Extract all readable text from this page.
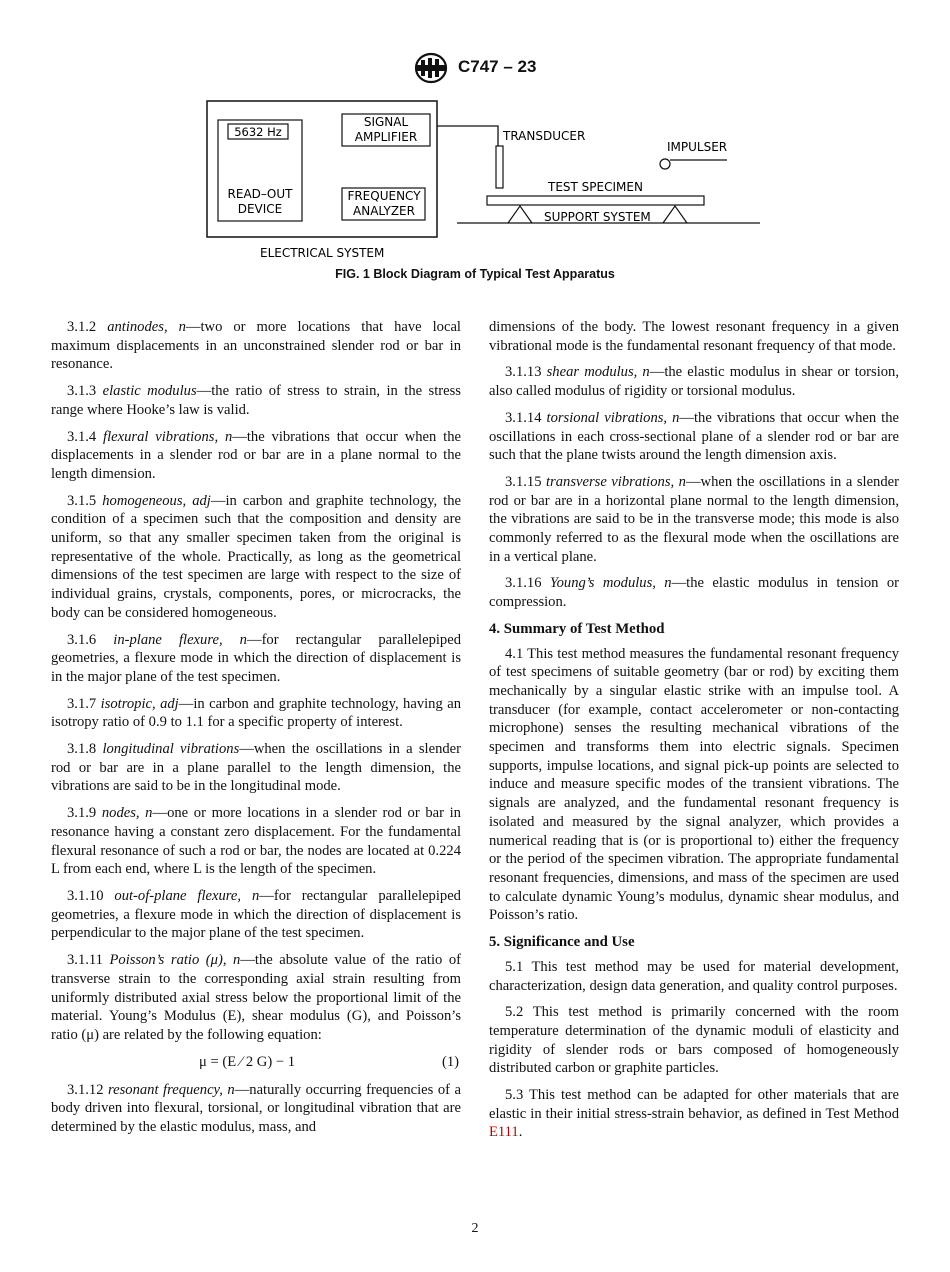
C747 – 23
5632 Hz
READ–OUT
DEVICE
SIGNAL
AMPLIFIER
FREQUENCY
ANALYZER
ELECTRICAL SYSTEM
TRANSDUCER
IMPULSER
TEST SPECIMEN
SUPPORT SYSTEM
FIG. 1 Block Diagram of Typical Test Apparatus

3.1.2 antinodes, n—two or more locations that have local maximum displacements in an unconstrained slender rod or bar in resonance.

3.1.3 elastic modulus—the ratio of stress to strain, in the stress range where Hooke’s law is valid.

3.1.4 flexural vibrations, n—the vibrations that occur when the displacements in a slender rod or bar are in a plane normal to the length dimension.

3.1.5 homogeneous, adj—in carbon and graphite technology, the condition of a specimen such that the composition and density are uniform, so that any smaller specimen taken from the original is representative of the whole. Practically, as long as the geometrical dimensions of the test specimen are large with respect to the size of individual grains, crystals, components, pores, or microcracks, the body can be considered homogeneous.

3.1.6 in-plane flexure, n—for rectangular parallelepiped geometries, a flexure mode in which the direction of displacement is in the major plane of the test specimen.

3.1.7 isotropic, adj—in carbon and graphite technology, having an isotropy ratio of 0.9 to 1.1 for a specific property of interest.

3.1.8 longitudinal vibrations—when the oscillations in a slender rod or bar are in a plane parallel to the length dimension, the vibrations are said to be in the longitudinal mode.

3.1.9 nodes, n—one or more locations in a slender rod or bar in resonance having a constant zero displacement. For the fundamental flexural resonance of such a rod or bar, the nodes are located at 0.224 L from each end, where L is the length of the specimen.

3.1.10 out-of-plane flexure, n—for rectangular parallelepiped geometries, a flexure mode in which the direction of displacement is perpendicular to the major plane of the test specimen.

3.1.11 Poisson’s ratio (μ), n—the absolute value of the ratio of transverse strain to the corresponding axial strain resulting from uniformly distributed axial stress below the proportional limit of the material. Young’s Modulus (E), shear modulus (G), and Poisson’s ratio (μ) are related by the following equation:

μ = (E ⁄ 2 G) − 1	(1)

3.1.12 resonant frequency, n—naturally occurring frequencies of a body driven into flexural, torsional, or longitudinal vibration that are determined by the elastic modulus, mass, and

dimensions of the body. The lowest resonant frequency in a given vibrational mode is the fundamental resonant frequency of that mode.

3.1.13 shear modulus, n—the elastic modulus in shear or torsion, also called modulus of rigidity or torsional modulus.

3.1.14 torsional vibrations, n—the vibrations that occur when the oscillations in each cross-sectional plane of a slender rod or bar are such that the plane twists around the length dimension axis.

3.1.15 transverse vibrations, n—when the oscillations in a slender rod or bar are in a horizontal plane normal to the length dimension, the vibrations are said to be in the transverse mode; this mode is also commonly referred to as the flexural mode when the oscillations are in a vertical plane.

3.1.16 Young’s modulus, n—the elastic modulus in tension or compression.

4. Summary of Test Method

4.1 This test method measures the fundamental resonant frequency of test specimens of suitable geometry (bar or rod) by exciting them mechanically by a singular elastic strike with an impulse tool. A transducer (for example, contact accelerometer or non-contacting microphone) senses the resulting mechanical vibrations of the specimen and transforms them into electric signals. Specimen supports, impulse locations, and signal pick-up points are selected to induce and measure specific modes of the transient vibrations. The signals are analyzed, and the fundamental resonant frequency is isolated and measured by the signal analyzer, which provides a numerical reading that is (or is proportional to) either the frequency or the period of the specimen vibration. The appropriate fundamental resonant frequencies, dimensions, and mass of the specimen are used to calculate dynamic Young’s modulus, dynamic shear modulus, and Poisson’s ratio.

5. Significance and Use

5.1 This test method may be used for material development, characterization, design data generation, and quality control purposes.

5.2 This test method is primarily concerned with the room temperature determination of the dynamic moduli of elasticity and rigidity of slender rods or bars composed of homogeneously distributed carbon or graphite particles.

5.3 This test method can be adapted for other materials that are elastic in their initial stress-strain behavior, as defined in Test Method E111.

2
